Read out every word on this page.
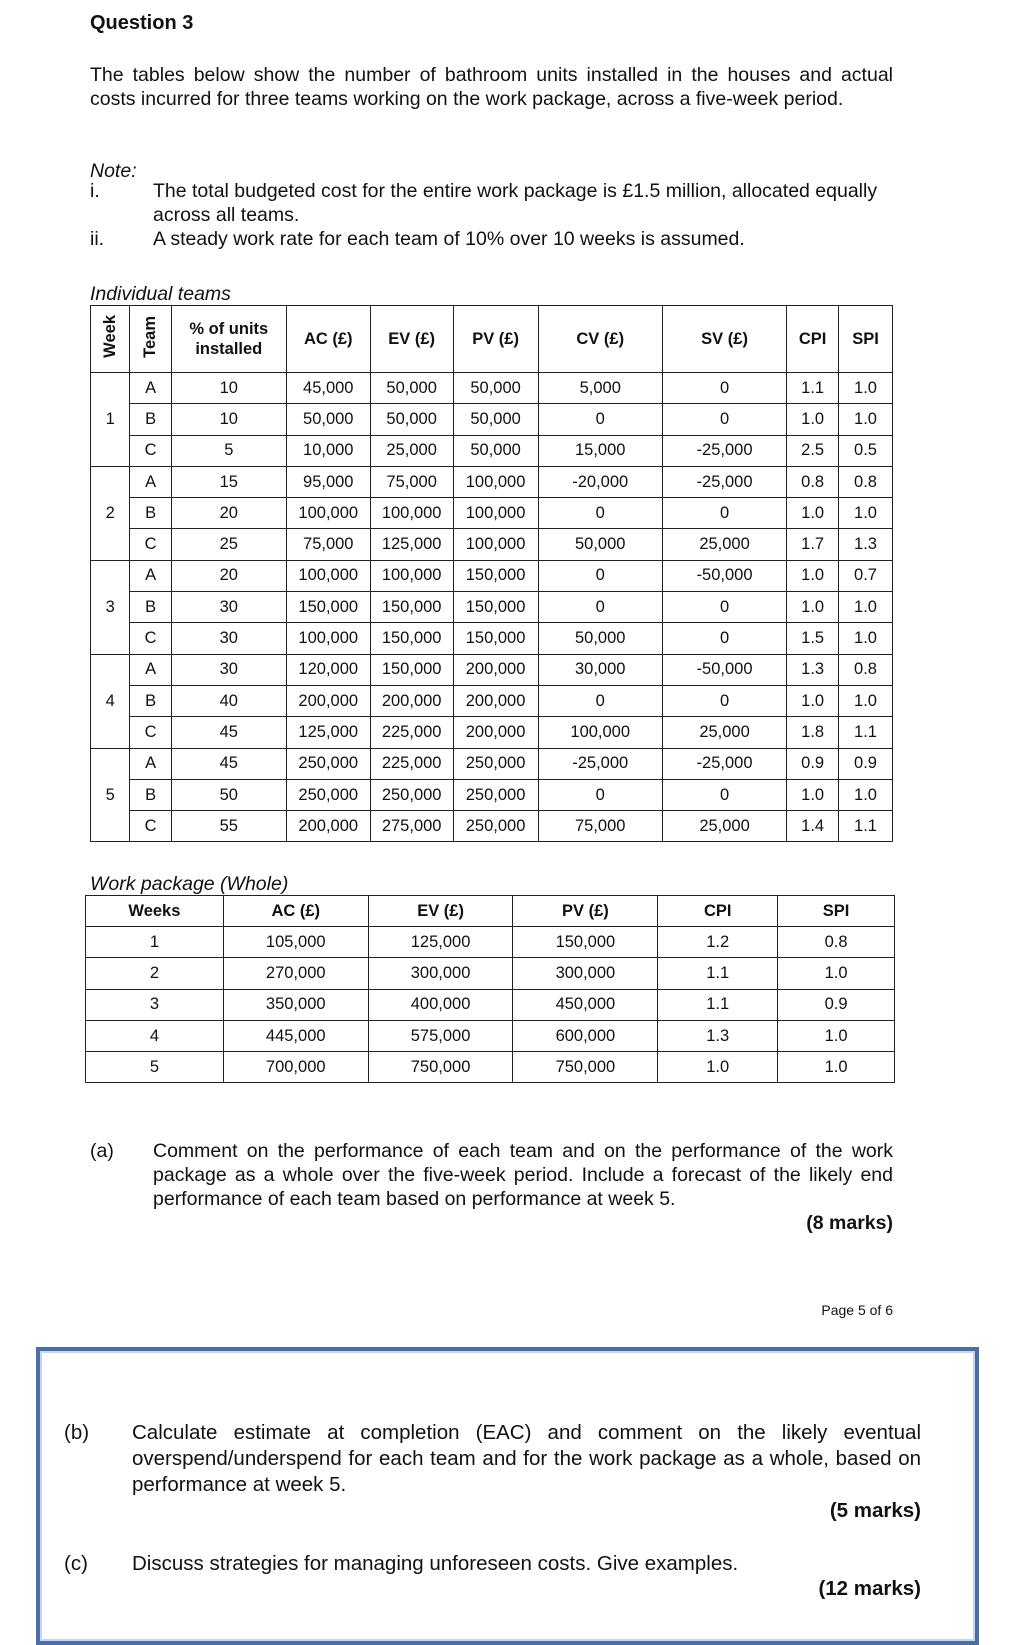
Question 3
The tables below show the number of bathroom units installed in the houses and actual costs incurred for three teams working on the work package, across a five-week period.
Note:
i.	The total budgeted cost for the entire work package is £1.5 million, allocated equally across all teams.
ii.	A steady work rate for each team of 10% over 10 weeks is assumed.
Individual teams
Week	Team	% of units installed	AC (£)	EV (£)	PV (£)	CV (£)	SV (£)	CPI	SPI
1	A	10	45,000	50,000	50,000	5,000	0	1.1	1.0
	B	10	50,000	50,000	50,000	0	0	1.0	1.0
	C	5	10,000	25,000	50,000	15,000	-25,000	2.5	0.5
2	A	15	95,000	75,000	100,000	-20,000	-25,000	0.8	0.8
	B	20	100,000	100,000	100,000	0	0	1.0	1.0
	C	25	75,000	125,000	100,000	50,000	25,000	1.7	1.3
3	A	20	100,000	100,000	150,000	0	-50,000	1.0	0.7
	B	30	150,000	150,000	150,000	0	0	1.0	1.0
	C	30	100,000	150,000	150,000	50,000	0	1.5	1.0
4	A	30	120,000	150,000	200,000	30,000	-50,000	1.3	0.8
	B	40	200,000	200,000	200,000	0	0	1.0	1.0
	C	45	125,000	225,000	200,000	100,000	25,000	1.8	1.1
5	A	45	250,000	225,000	250,000	-25,000	-25,000	0.9	0.9
	B	50	250,000	250,000	250,000	0	0	1.0	1.0
	C	55	200,000	275,000	250,000	75,000	25,000	1.4	1.1
Work package (Whole)
Weeks	AC (£)	EV (£)	PV (£)	CPI	SPI
1	105,000	125,000	150,000	1.2	0.8
2	270,000	300,000	300,000	1.1	1.0
3	350,000	400,000	450,000	1.1	0.9
4	445,000	575,000	600,000	1.3	1.0
5	700,000	750,000	750,000	1.0	1.0
(a) Comment on the performance of each team and on the performance of the work package as a whole over the five-week period. Include a forecast of the likely end performance of each team based on performance at week 5.
(8 marks)
Page 5 of 6
(b) Calculate estimate at completion (EAC) and comment on the likely eventual overspend/underspend for each team and for the work package as a whole, based on performance at week 5.
(5 marks)
(c) Discuss strategies for managing unforeseen costs. Give examples.
(12 marks)
